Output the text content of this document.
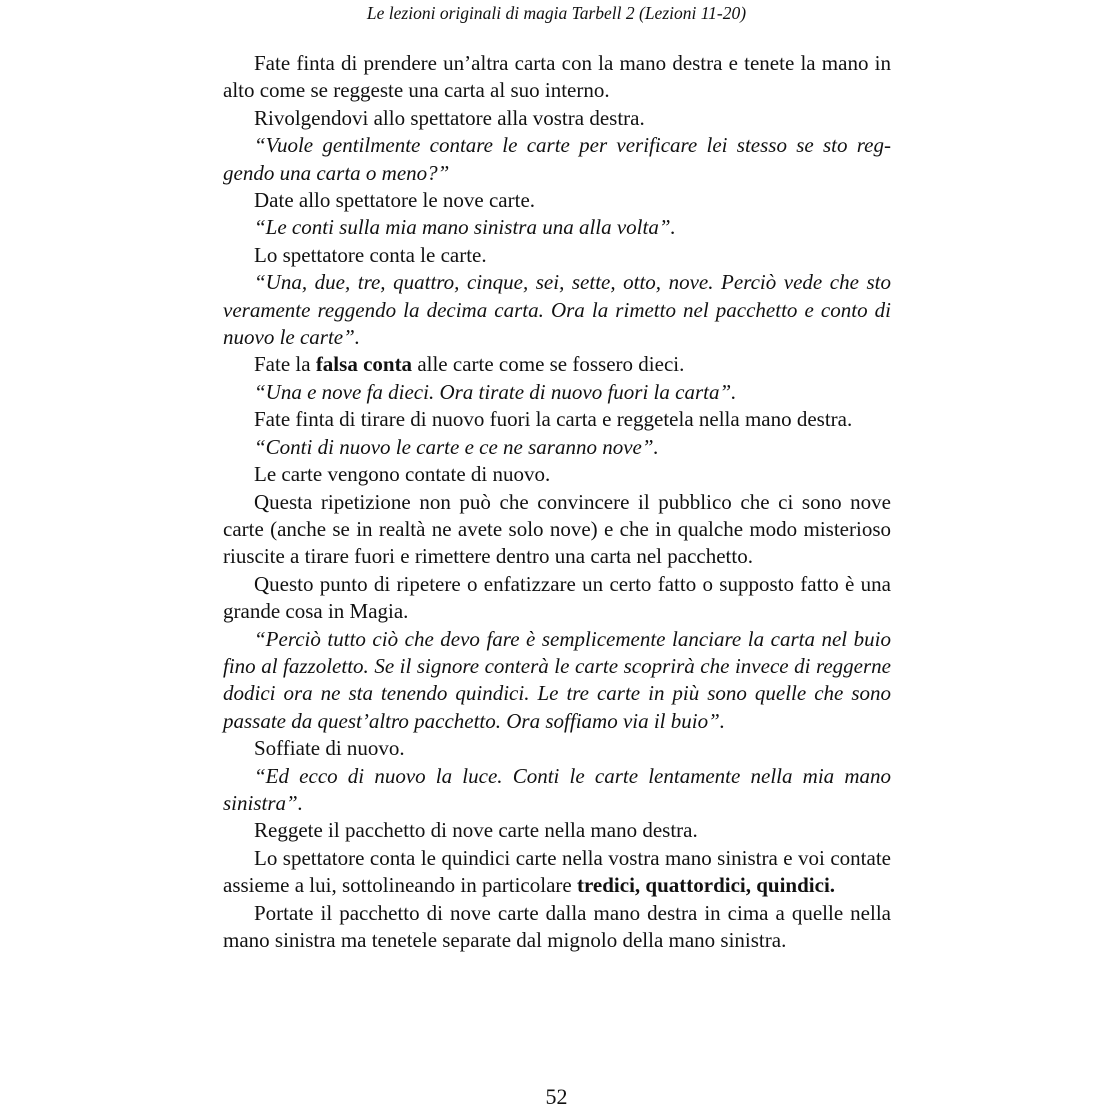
Le lezioni originali di magia Tarbell 2 (Lezioni 11-20)

Fate finta di prendere un’altra carta con la mano destra e tenete la mano in alto come se reggeste una carta al suo interno.

Rivolgendovi allo spettatore alla vostra destra.

“Vuole gentilmente contare le carte per verificare lei stesso se sto reggendo una carta o meno?”

Date allo spettatore le nove carte.

“Le conti sulla mia mano sinistra una alla volta”.

Lo spettatore conta le carte.

“Una, due, tre, quattro, cinque, sei, sette, otto, nove. Perciò vede che sto veramente reggendo la decima carta. Ora la rimetto nel pacchetto e conto di nuovo le carte”.

Fate la falsa conta alle carte come se fossero dieci.

“Una e nove fa dieci. Ora tirate di nuovo fuori la carta”.

Fate finta di tirare di nuovo fuori la carta e reggetela nella mano destra.

“Conti di nuovo le carte e ce ne saranno nove”.

Le carte vengono contate di nuovo.

Questa ripetizione non può che convincere il pubblico che ci sono nove carte (anche se in realtà ne avete solo nove) e che in qualche modo misterioso riuscite a tirare fuori e rimettere dentro una carta nel pacchetto.

Questo punto di ripetere o enfatizzare un certo fatto o supposto fatto è una grande cosa in Magia.

“Perciò tutto ciò che devo fare è semplicemente lanciare la carta nel buio fino al fazzoletto. Se il signore conterà le carte scoprirà che invece di reggerne dodici ora ne sta tenendo quindici. Le tre carte in più sono quelle che sono passate da quest’altro pacchetto. Ora soffiamo via il buio”.

Soffiate di nuovo.

“Ed ecco di nuovo la luce. Conti le carte lentamente nella mia mano sinistra”.

Reggete il pacchetto di nove carte nella mano destra.

Lo spettatore conta le quindici carte nella vostra mano sinistra e voi contate assieme a lui, sottolineando in particolare tredici, quattordici, quindici.

Portate il pacchetto di nove carte dalla mano destra in cima a quelle nella mano sinistra ma tenetele separate dal mignolo della mano sinistra.

52
